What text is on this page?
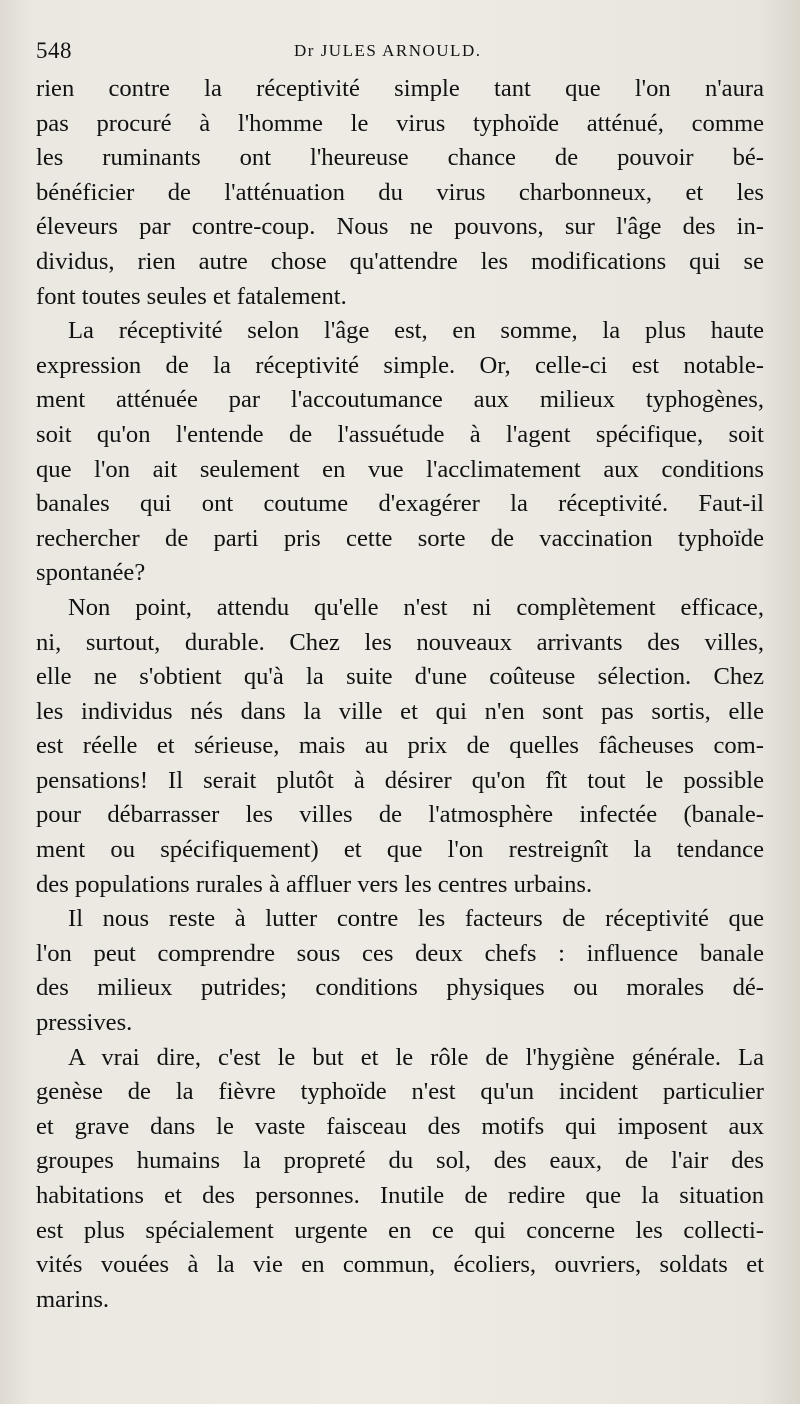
548	Dr JULES ARNOULD.
rien contre la réceptivité simple tant que l'on n'aura
pas procuré à l'homme le virus typhoïde atténué, comme
les ruminants ont l'heureuse chance de pouvoir bé-
bénéficier de l'atténuation du virus charbonneux, et les
éleveurs par contre-coup. Nous ne pouvons, sur l'âge des in-
dividus, rien autre chose qu'attendre les modifications qui se
font toutes seules et fatalement.
La réceptivité selon l'âge est, en somme, la plus haute
expression de la réceptivité simple. Or, celle-ci est notable-
ment atténuée par l'accoutumance aux milieux typhogènes,
soit qu'on l'entende de l'assuétude à l'agent spécifique, soit
que l'on ait seulement en vue l'acclimatement aux conditions
banales qui ont coutume d'exagérer la réceptivité. Faut-il
rechercher de parti pris cette sorte de vaccination typhoïde
spontanée?
Non point, attendu qu'elle n'est ni complètement efficace,
ni, surtout, durable. Chez les nouveaux arrivants des villes,
elle ne s'obtient qu'à la suite d'une coûteuse sélection. Chez
les individus nés dans la ville et qui n'en sont pas sortis, elle
est réelle et sérieuse, mais au prix de quelles fâcheuses com-
pensations! Il serait plutôt à désirer qu'on fît tout le possible
pour débarrasser les villes de l'atmosphère infectée (banale-
ment ou spécifiquement) et que l'on restreignît la tendance
des populations rurales à affluer vers les centres urbains.
Il nous reste à lutter contre les facteurs de réceptivité que
l'on peut comprendre sous ces deux chefs : influence banale
des milieux putrides; conditions physiques ou morales dé-
pressives.
A vrai dire, c'est le but et le rôle de l'hygiène générale. La
genèse de la fièvre typhoïde n'est qu'un incident particulier
et grave dans le vaste faisceau des motifs qui imposent aux
groupes humains la propreté du sol, des eaux, de l'air des
habitations et des personnes. Inutile de redire que la situation
est plus spécialement urgente en ce qui concerne les collecti-
vités vouées à la vie en commun, écoliers, ouvriers, soldats et
marins.
